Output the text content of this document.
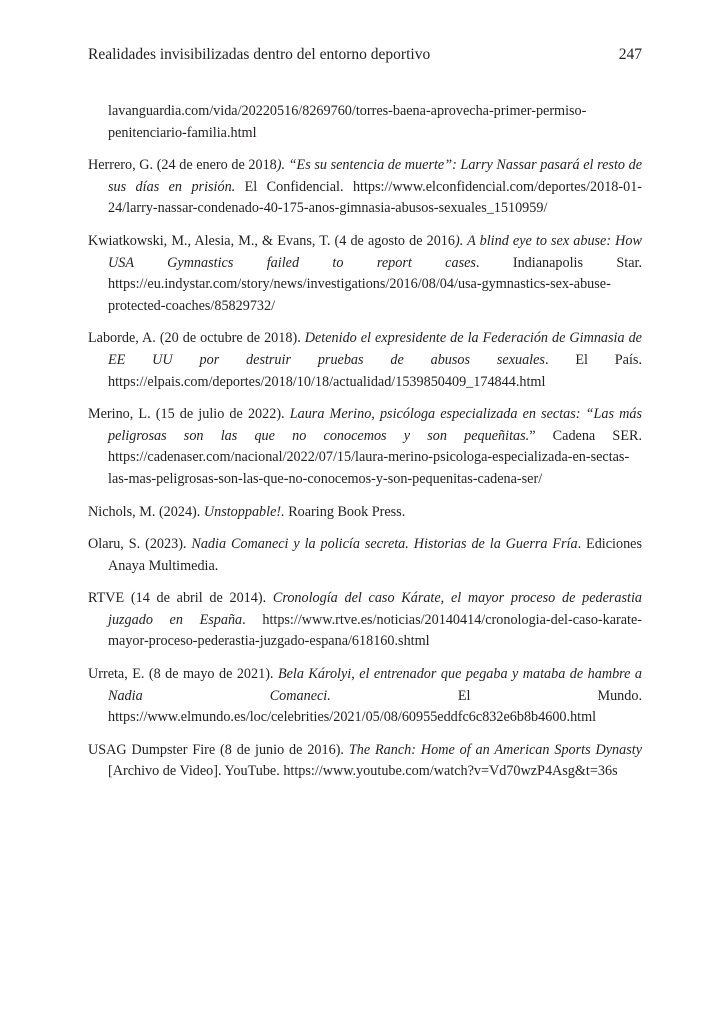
Realidades invisibilizadas dentro del entorno deportivo	247

lavanguardia.com/vida/20220516/8269760/torres-baena-aprovecha-primer-permiso-penitenciario-familia.html

Herrero, G. (24 de enero de 2018). “Es su sentencia de muerte”: Larry Nassar pasará el resto de sus días en prisión. El Confidencial. https://www.elconfidencial.com/deportes/2018-01-24/larry-nassar-condenado-40-175-anos-gimnasia-abusos-sexuales_1510959/

Kwiatkowski, M., Alesia, M., & Evans, T. (4 de agosto de 2016). A blind eye to sex abuse: How USA Gymnastics failed to report cases. Indianapolis Star. https://eu.indystar.com/story/news/investigations/2016/08/04/usa-gymnastics-sex-abuse-protected-coaches/85829732/

Laborde, A. (20 de octubre de 2018). Detenido el expresidente de la Federación de Gimnasia de EE UU por destruir pruebas de abusos sexuales. El País. https://elpais.com/deportes/2018/10/18/actualidad/1539850409_174844.html

Merino, L. (15 de julio de 2022). Laura Merino, psicóloga especializada en sectas: “Las más peligrosas son las que no conocemos y son pequeñitas.” Cadena SER. https://cadenaser.com/nacional/2022/07/15/laura-merino-psicologa-especializada-en-sectas-las-mas-peligrosas-son-las-que-no-conocemos-y-son-pequenitas-cadena-ser/

Nichols, M. (2024). Unstoppable!. Roaring Book Press.

Olaru, S. (2023). Nadia Comaneci y la policía secreta. Historias de la Guerra Fría. Ediciones Anaya Multimedia.

RTVE (14 de abril de 2014). Cronología del caso Kárate, el mayor proceso de pederastia juzgado en España. https://www.rtve.es/noticias/20140414/cronologia-del-caso-karate-mayor-proceso-pederastia-juzgado-espana/618160.shtml

Urreta, E. (8 de mayo de 2021). Bela Károlyi, el entrenador que pegaba y mataba de hambre a Nadia Comaneci. El Mundo. https://www.elmundo.es/loc/celebrities/2021/05/08/60955eddfc6c832e6b8b4600.html

USAG Dumpster Fire (8 de junio de 2016). The Ranch: Home of an American Sports Dynasty [Archivo de Video]. YouTube. https://www.youtube.com/watch?v=Vd70wzP4Asg&t=36s
